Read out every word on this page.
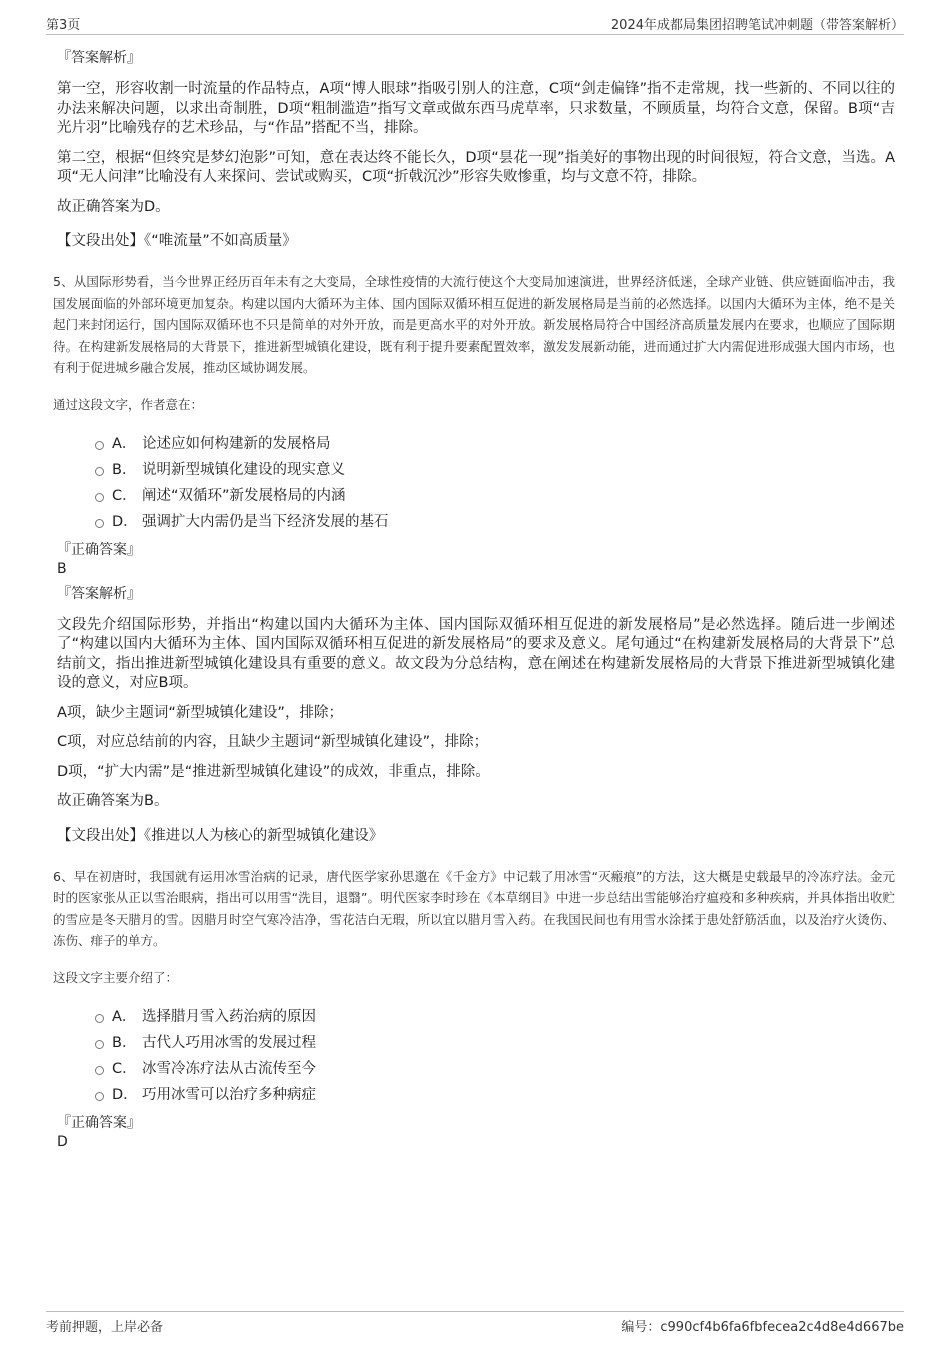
第3页	2024年成都局集团招聘笔试冲刺题（带答案解析）
『答案解析』

第一空，形容收割一时流量的作品特点，A项“博人眼球”指吸引别人的注意，C项“剑走偏锋”指不走常规，找一些新的、不同以往的办法来解决问题，以求出奇制胜，D项“粗制滥造”指写文章或做东西马虎草率，只求数量，不顾质量，均符合文意，保留。B项“吉光片羽”比喻残存的艺术珍品，与“作品”搭配不当，排除。

第二空，根据“但终究是梦幻泡影”可知，意在表达终不能长久，D项“昙花一现”指美好的事物出现的时间很短，符合文意，当选。A项“无人问津”比喻没有人来探问、尝试或购买，C项“折戟沉沙”形容失败惨重，均与文意不符，排除。

故正确答案为D。

【文段出处】《“唯流量”不如高质量》

5、从国际形势看，当今世界正经历百年未有之大变局，全球性疫情的大流行使这个大变局加速演进，世界经济低迷，全球产业链、供应链面临冲击，我国发展面临的外部环境更加复杂。构建以国内大循环为主体、国内国际双循环相互促进的新发展格局是当前的必然选择。以国内大循环为主体，绝不是关起门来封闭运行，国内国际双循环也不只是简单的对外开放，而是更高水平的对外开放。新发展格局符合中国经济高质量发展内在要求，也顺应了国际期待。在构建新发展格局的大背景下，推进新型城镇化建设，既有利于提升要素配置效率，激发发展新动能，进而通过扩大内需促进形成强大国内市场，也有利于促进城乡融合发展，推动区域协调发展。

通过这段文字，作者意在：

A． 论述应如何构建新的发展格局
B． 说明新型城镇化建设的现实意义
C． 阐述“双循环”新发展格局的内涵
D． 强调扩大内需仍是当下经济发展的基石
『正确答案』
B
『答案解析』

文段先介绍国际形势，并指出“构建以国内大循环为主体、国内国际双循环相互促进的新发展格局”是必然选择。随后进一步阐述了“构建以国内大循环为主体、国内国际双循环相互促进的新发展格局”的要求及意义。尾句通过“在构建新发展格局的大背景下”总结前文，指出推进新型城镇化建设具有重要的意义。故文段为分总结构，意在阐述在构建新发展格局的大背景下推进新型城镇化建设的意义，对应B项。

A项，缺少主题词“新型城镇化建设”，排除；

C项，对应总结前的内容，且缺少主题词“新型城镇化建设”，排除；

D项，“扩大内需”是“推进新型城镇化建设”的成效，非重点，排除。

故正确答案为B。

【文段出处】《推进以人为核心的新型城镇化建设》

6、早在初唐时，我国就有运用冰雪治病的记录，唐代医学家孙思邈在《千金方》中记载了用冰雪“灭瘢痕”的方法，这大概是史载最早的冷冻疗法。金元时的医家张从正以雪治眼病，指出可以用雪“洗目，退翳”。明代医家李时珍在《本草纲目》中进一步总结出雪能够治疗瘟疫和多种疾病，并具体指出收贮的雪应是冬天腊月的雪。因腊月时空气寒冷洁净，雪花洁白无瑕，所以宜以腊月雪入药。在我国民间也有用雪水涂揉于患处舒筋活血，以及治疗火烫伤、冻伤、痱子的单方。

这段文字主要介绍了：

A． 选择腊月雪入药治病的原因
B． 古代人巧用冰雪的发展过程
C． 冰雪冷冻疗法从古流传至今
D． 巧用冰雪可以治疗多种病症
『正确答案』
D
考前押题，上岸必备	编号：c990cf4b6fa6fbfecea2c4d8e4d667be
